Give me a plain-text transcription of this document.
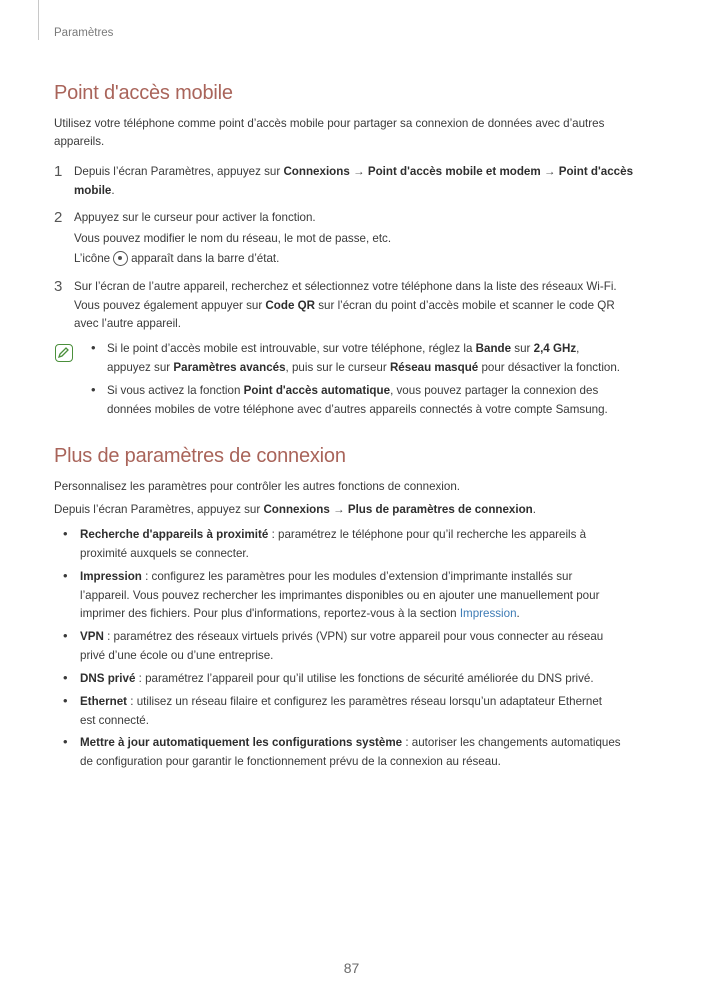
Paramètres
Point d'accès mobile

Utilisez votre téléphone comme point d’accès mobile pour partager sa connexion de données avec d’autres

appareils.

1 Depuis l’écran Paramètres, appuyez sur Connexions → Point d'accès mobile et modem → Point d'accès
mobile.
2 Appuyez sur le curseur pour activer la fonction.
Vous pouvez modifier le nom du réseau, le mot de passe, etc.
L’icône apparaît dans la barre d’état.
3 Sur l’écran de l’autre appareil, recherchez et sélectionnez votre téléphone dans la liste des réseaux Wi-Fi.
Vous pouvez également appuyer sur Code QR sur l’écran du point d’accès mobile et scanner le code QR
avec l’autre appareil.
• Si le point d’accès mobile est introuvable, sur votre téléphone, réglez la Bande sur 2,4 GHz,
appuyez sur Paramètres avancés, puis sur le curseur Réseau masqué pour désactiver la fonction.
• Si vous activez la fonction Point d'accès automatique, vous pouvez partager la connexion des
données mobiles de votre téléphone avec d’autres appareils connectés à votre compte Samsung.
Plus de paramètres de connexion

Personnalisez les paramètres pour contrôler les autres fonctions de connexion.

Depuis l’écran Paramètres, appuyez sur Connexions → Plus de paramètres de connexion.

• Recherche d'appareils à proximité : paramétrez le téléphone pour qu’il recherche les appareils à
proximité auxquels se connecter.
• Impression : configurez les paramètres pour les modules d’extension d’imprimante installés sur
l’appareil. Vous pouvez rechercher les imprimantes disponibles ou en ajouter une manuellement pour
imprimer des fichiers. Pour plus d'informations, reportez-vous à la section Impression.
• VPN : paramétrez des réseaux virtuels privés (VPN) sur votre appareil pour vous connecter au réseau
privé d’une école ou d’une entreprise.
• DNS privé : paramétrez l’appareil pour qu’il utilise les fonctions de sécurité améliorée du DNS privé.
• Ethernet : utilisez un réseau filaire et configurez les paramètres réseau lorsqu’un adaptateur Ethernet
est connecté.
• Mettre à jour automatiquement les configurations système : autoriser les changements automatiques
de configuration pour garantir le fonctionnement prévu de la connexion au réseau.
87
